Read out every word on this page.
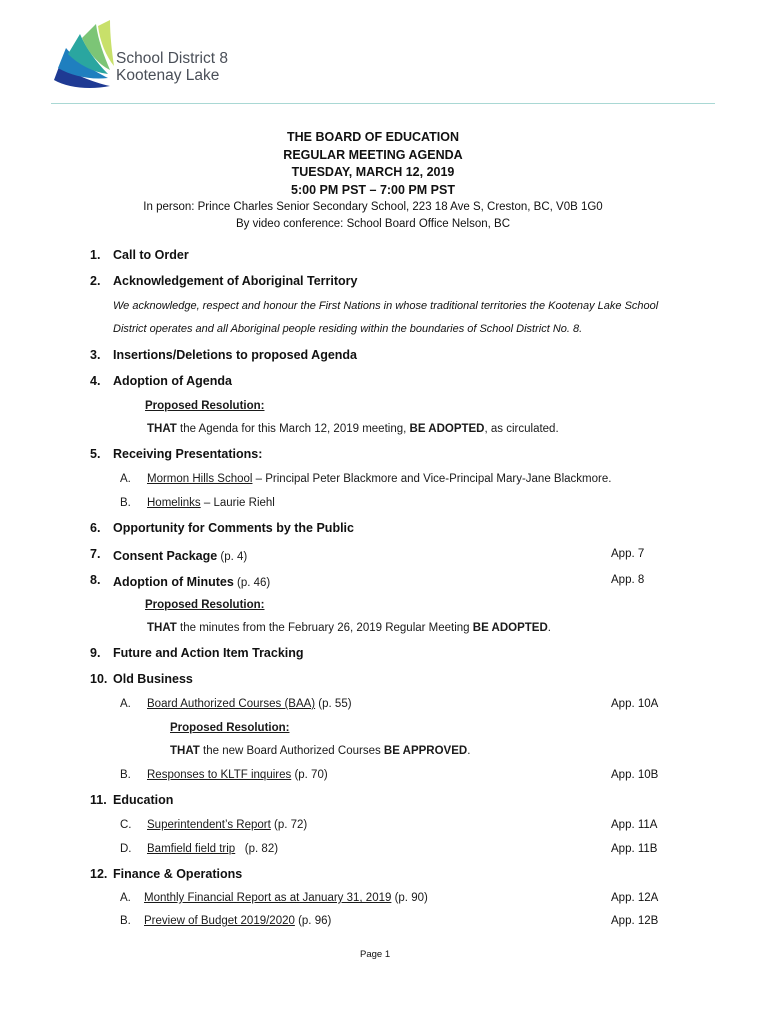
School District 8
Kootenay Lake
THE BOARD OF EDUCATION
REGULAR MEETING AGENDA
TUESDAY, MARCH 12, 2019
5:00 PM PST – 7:00 PM PST
In person: Prince Charles Senior Secondary School, 223 18 Ave S, Creston, BC, V0B 1G0
By video conference: School Board Office Nelson, BC
1. Call to Order
2. Acknowledgement of Aboriginal Territory
We acknowledge, respect and honour the First Nations in whose traditional territories the Kootenay Lake School
District operates and all Aboriginal people residing within the boundaries of School District No. 8.
3. Insertions/Deletions to proposed Agenda
4. Adoption of Agenda
Proposed Resolution:
THAT the Agenda for this March 12, 2019 meeting, BE ADOPTED, as circulated.
5. Receiving Presentations:
A. Mormon Hills School – Principal Peter Blackmore and Vice-Principal Mary-Jane Blackmore.
B. Homelinks – Laurie Riehl
6. Opportunity for Comments by the Public
7. Consent Package (p. 4)	App. 7
8. Adoption of Minutes (p. 46)	App. 8
Proposed Resolution:
THAT the minutes from the February 26, 2019 Regular Meeting BE ADOPTED.
9. Future and Action Item Tracking
10. Old Business
A. Board Authorized Courses (BAA) (p. 55)	App. 10A
Proposed Resolution:
THAT the new Board Authorized Courses BE APPROVED.
B. Responses to KLTF inquires (p. 70)	App. 10B
11. Education
C. Superintendent’s Report (p. 72)	App. 11A
D. Bamfield field trip   (p. 82)	App. 11B
12. Finance & Operations
A. Monthly Financial Report as at January 31, 2019 (p. 90)	App. 12A
B. Preview of Budget 2019/2020 (p. 96)	App. 12B
Page 1
